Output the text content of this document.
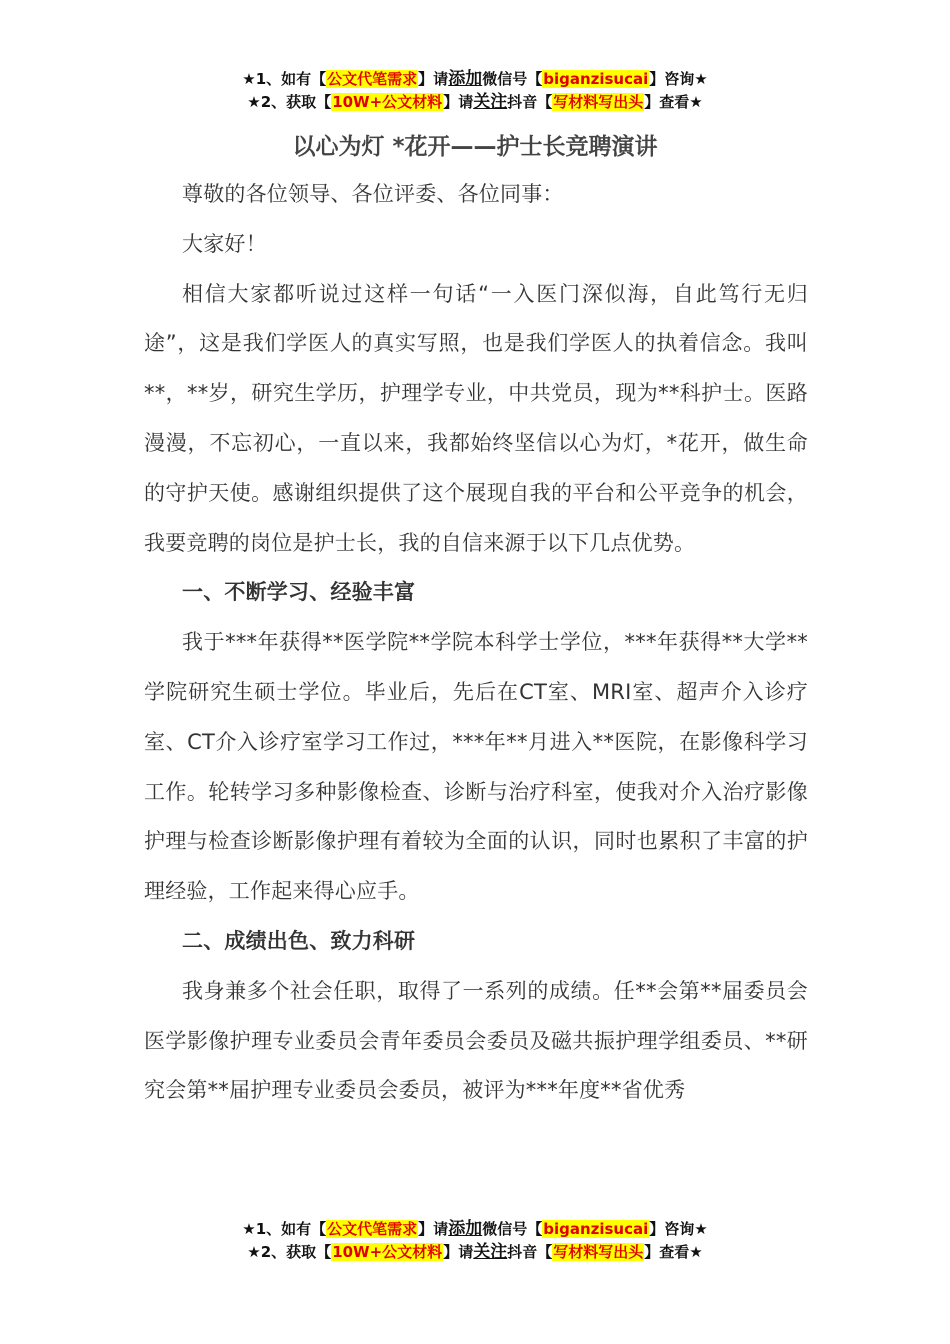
★1、如有【公文代笔需求】请添加微信号【biganzisucai】咨询★
★2、获取【10W+公文材料】请关注抖音【写材料写出头】查看★
以心为灯 *花开——护士长竞聘演讲

尊敬的各位领导、各位评委、各位同事：

大家好！

相信大家都听说过这样一句话“一入医门深似海，自此笃行无归途”，这是我们学医人的真实写照，也是我们学医人的执着信念。我叫**，**岁，研究生学历，护理学专业，中共党员，现为**科护士。医路漫漫，不忘初心，一直以来，我都始终坚信以心为灯，*花开，做生命的守护天使。感谢组织提供了这个展现自我的平台和公平竞争的机会，我要竞聘的岗位是护士长，我的自信来源于以下几点优势。

一、不断学习、经验丰富

我于***年获得**医学院**学院本科学士学位，***年获得**大学**学院研究生硕士学位。毕业后，先后在CT室、MRI室、超声介入诊疗室、CT介入诊疗室学习工作过，***年**月进入**医院，在影像科学习工作。轮转学习多种影像检查、诊断与治疗科室，使我对介入治疗影像护理与检查诊断影像护理有着较为全面的认识，同时也累积了丰富的护理经验，工作起来得心应手。

二、成绩出色、致力科研

我身兼多个社会任职，取得了一系列的成绩。任**会第**届委员会医学影像护理专业委员会青年委员会委员及磁共振护理学组委员、**研究会第**届护理专业委员会委员，被评为***年度**省优秀

★1、如有【公文代笔需求】请添加微信号【biganzisucai】咨询★
★2、获取【10W+公文材料】请关注抖音【写材料写出头】查看★
